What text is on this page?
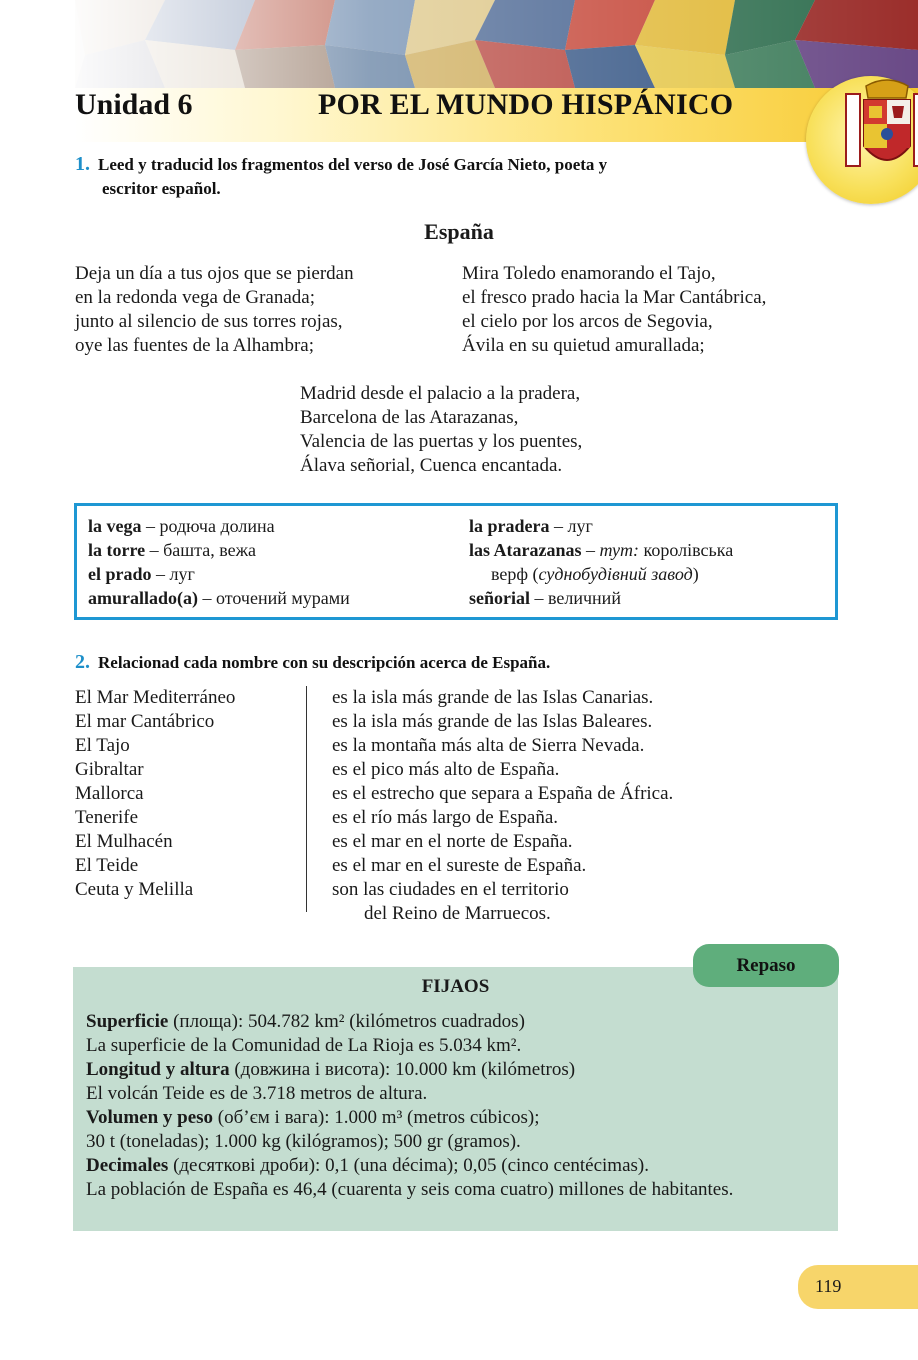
Unidad 6	POR EL MUNDO HISPÁNICO
1. Leed y traducid los fragmentos del verso de José García Nieto, poeta y
escritor español.
España
Deja un día a tus ojos que se pierdan
en la redonda vega de Granada;
junto al silencio de sus torres rojas,
oye las fuentes de la Alhambra;
Mira Toledo enamorando el Tajo,
el fresco prado hacia la Mar Cantábrica,
el cielo por los arcos de Segovia,
Ávila en su quietud amurallada;
Madrid desde el palacio a la pradera,
Barcelona de las Atarazanas,
Valencia de las puertas y los puentes,
Álava señorial, Cuenca encantada.
la vega – родюча долина
la torre – башта, вежа
el prado – луг
amurallado(a) – оточений мурами
la pradera – луг
las Atarazanas – тут: королівська
верф (суднобудівний завод)
señorial – величний
2. Relacionad cada nombre con su descripción acerca de España.
El Mar Mediterráneo
El mar Cantábrico
El Tajo
Gibraltar
Mallorca
Tenerife
El Mulhacén
El Teide
Ceuta y Melilla
es la isla más grande de las Islas Canarias.
es la isla más grande de las Islas Baleares.
es la montaña más alta de Sierra Nevada.
es el pico más alto de España.
es el estrecho que separa a España de África.
es el río más largo de España.
es el mar en el norte de España.
es el mar en el sureste de España.
son las ciudades en el territorio
del Reino de Marruecos.
Repaso
FIJAOS
Superficie (площа): 504.782 km² (kilómetros cuadrados)
La superficie de la Comunidad de La Rioja es 5.034 km².
Longitud y altura (довжина і висота): 10.000 km (kilómetros)
El volcán Teide es de 3.718 metros de altura.
Volumen y peso (об’єм і вага): 1.000 m³ (metros cúbicos);
30 t (toneladas); 1.000 kg (kilógramos); 500 gr (gramos).
Decimales (десяткові дроби): 0,1 (una décima); 0,05 (cinco centécimas).
La población de España es 46,4 (cuarenta y seis coma cuatro) millones de habitantes.
119
